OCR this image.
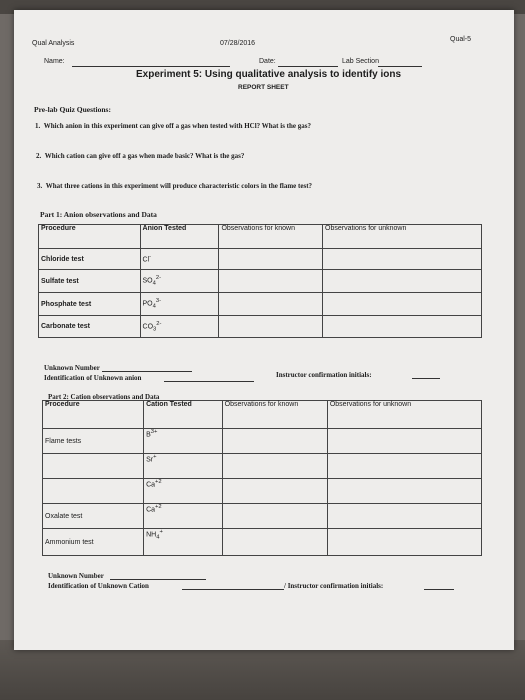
Qual Analysis	07/28/2016
Qual-5
Name:	Date:	Lab Section
Experiment 5: Using qualitative analysis to identify ions
REPORT SHEET
Pre-lab Quiz Questions:
1. Which anion in this experiment can give off a gas when tested with HCl? What is the gas?
2. Which cation can give off a gas when made basic? What is the gas?
3. What three cations in this experiment will produce characteristic colors in the flame test?
Part 1: Anion observations and Data
Procedure	Anion Tested	Observations for known	Observations for unknown
Chloride test	Cl-		
Sulfate test	$SO_4^{2-}$		
Phosphate test	$PO_4^{3-}$		
Carbonate test	$CO_3^{2-}$		
Unknown Number
Identification of Unknown anion	Instructor confirmation initials:
Part 2: Cation observations and Data
Procedure	Cation Tested	Observations for known	Observations for unknown
Flame tests	$B^{3+}$		
	Sr+		
	$Ca^{+2}$		
Oxalate test	$Ca^{+2}$		
Ammonium test	$NH_4^+$		
Unknown Number
Identification of Unknown Cation	/ Instructor confirmation initials:
